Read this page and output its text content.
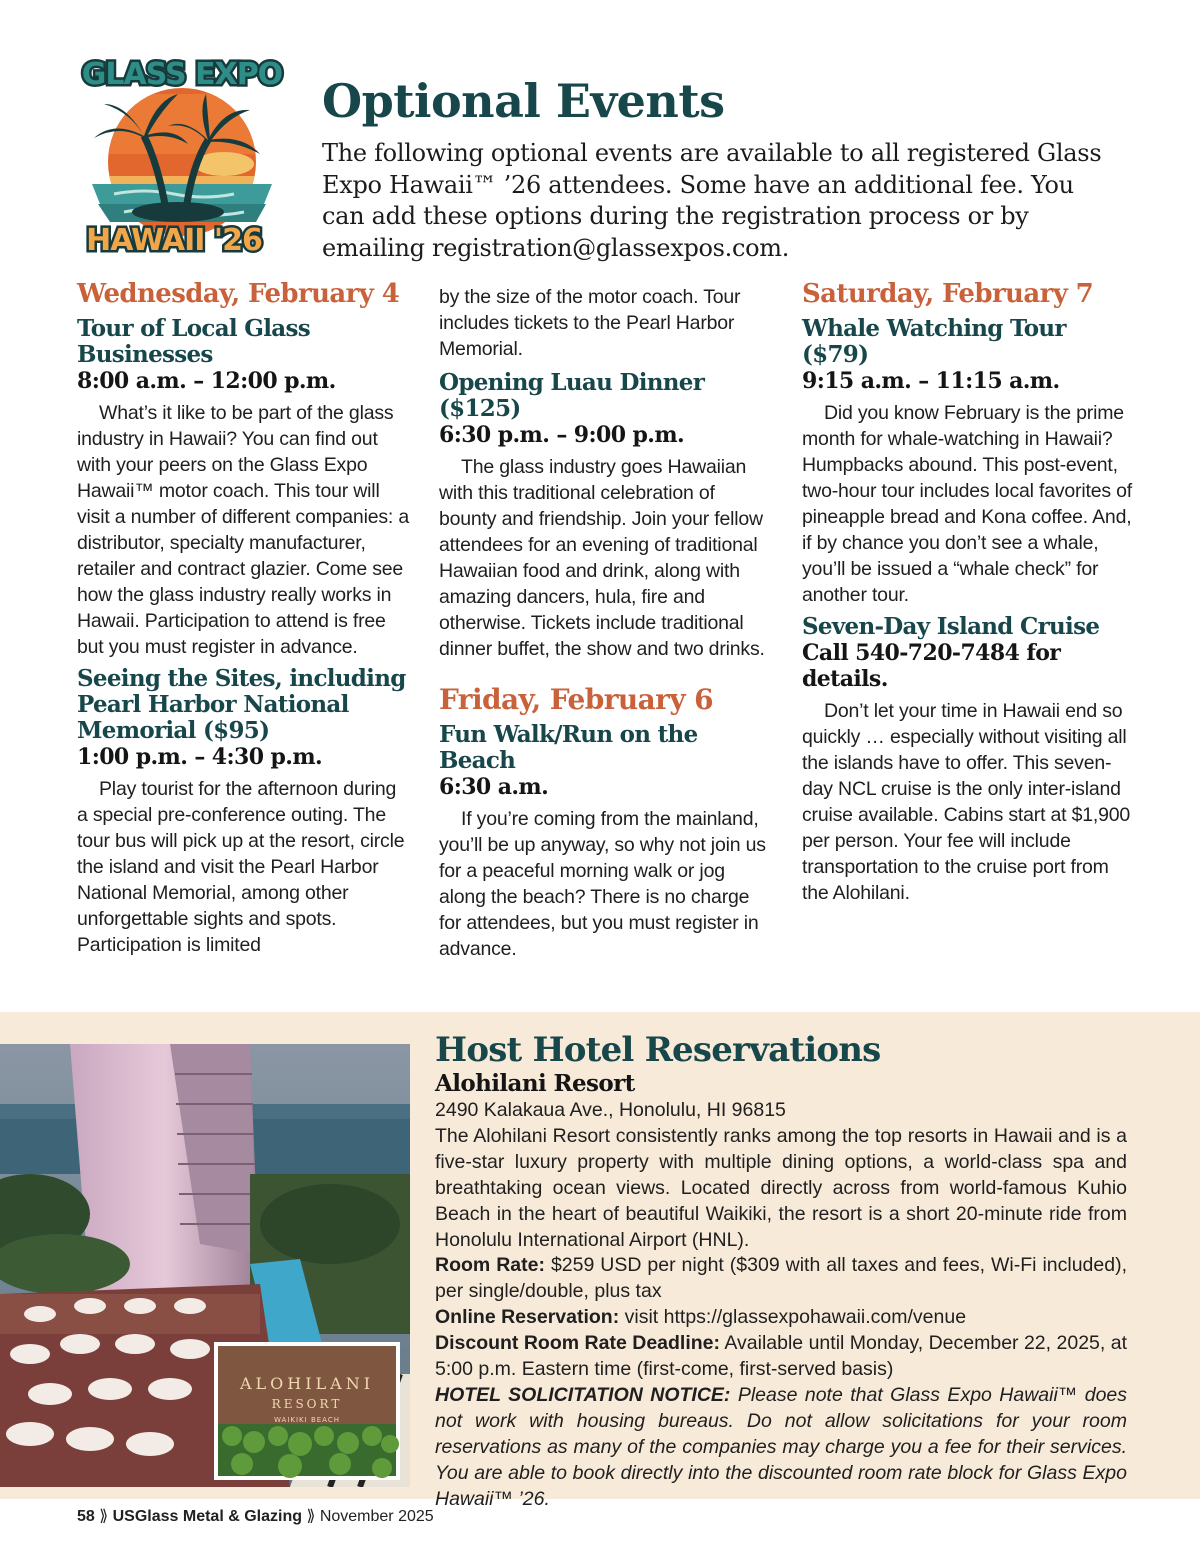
GLASS EXPO
HAWAII '26
Optional Events

The following optional events are available to all registered Glass Expo Hawaii™ ’26 attendees. Some have an additional fee. You can add these options during the registration process or by emailing registration@glassexpos.com.

Wednesday, February 4
Tour of Local Glass Businesses
8:00 a.m. – 12:00 p.m.

What’s it like to be part of the glass industry in Hawaii? You can find out with your peers on the Glass Expo Hawaii™ motor coach. This tour will visit a number of different companies: a distributor, specialty manufacturer, retailer and contract glazier. Come see how the glass industry really works in Hawaii. Participation to attend is free but you must register in advance.

Seeing the Sites, including Pearl Harbor National Memorial ($95)
1:00 p.m. – 4:30 p.m.

Play tourist for the afternoon during a special pre-conference outing. The tour bus will pick up at the resort, circle the island and visit the Pearl Harbor National Memorial, among other unforgettable sights and spots. Participation is limited

by the size of the motor coach. Tour includes tickets to the Pearl Harbor Memorial.

Opening Luau Dinner ($125)
6:30 p.m. – 9:00 p.m.

The glass industry goes Hawaiian with this traditional celebration of bounty and friendship. Join your fellow attendees for an evening of traditional Hawaiian food and drink, along with amazing dancers, hula, fire and otherwise. Tickets include traditional dinner buffet, the show and two drinks.

Friday, February 6
Fun Walk/Run on the Beach
6:30 a.m.

If you’re coming from the mainland, you’ll be up anyway, so why not join us for a peaceful morning walk or jog along the beach? There is no charge for attendees, but you must register in advance.

Saturday, February 7
Whale Watching Tour ($79)
9:15 a.m. – 11:15 a.m.

Did you know February is the prime month for whale-watching in Hawaii? Humpbacks abound. This post-event, two-hour tour includes local favorites of pineapple bread and Kona coffee. And, if by chance you don’t see a whale, you’ll be issued a “whale check” for another tour.

Seven-Day Island Cruise
Call 540-720-7484 for details.

Don’t let your time in Hawaii end so quickly … especially without visiting all the islands have to offer. This seven-day NCL cruise is the only inter-island cruise available. Cabins start at $1,900 per person. Your fee will include transportation to the cruise port from the Alohilani.

ALOHILANI
RESORT
WAIKIKI BEACH
Host Hotel Reservations
Alohilani Resort

2490 Kalakaua Ave., Honolulu, HI 96815

The Alohilani Resort consistently ranks among the top resorts in Hawaii and is a five-star luxury property with multiple dining options, a world-class spa and breathtaking ocean views. Located directly across from world-famous Kuhio Beach in the heart of beautiful Waikiki, the resort is a short 20-minute ride from Honolulu International Airport (HNL).

Room Rate: $259 USD per night ($309 with all taxes and fees, Wi-Fi included), per single/double, plus tax

Online Reservation: visit https://glassexpohawaii.com/venue

Discount Room Rate Deadline: Available until Monday, December 22, 2025, at 5:00 p.m. Eastern time (first-come, first-served basis)

HOTEL SOLICITATION NOTICE: Please note that Glass Expo Hawaii™ does not work with housing bureaus. Do not allow solicitations for your room reservations as many of the companies may charge you a fee for their services. You are able to book directly into the discounted room rate block for Glass Expo Hawaii™ ’26.

58 ⟫ USGlass Metal & Glazing ⟫ November 2025
